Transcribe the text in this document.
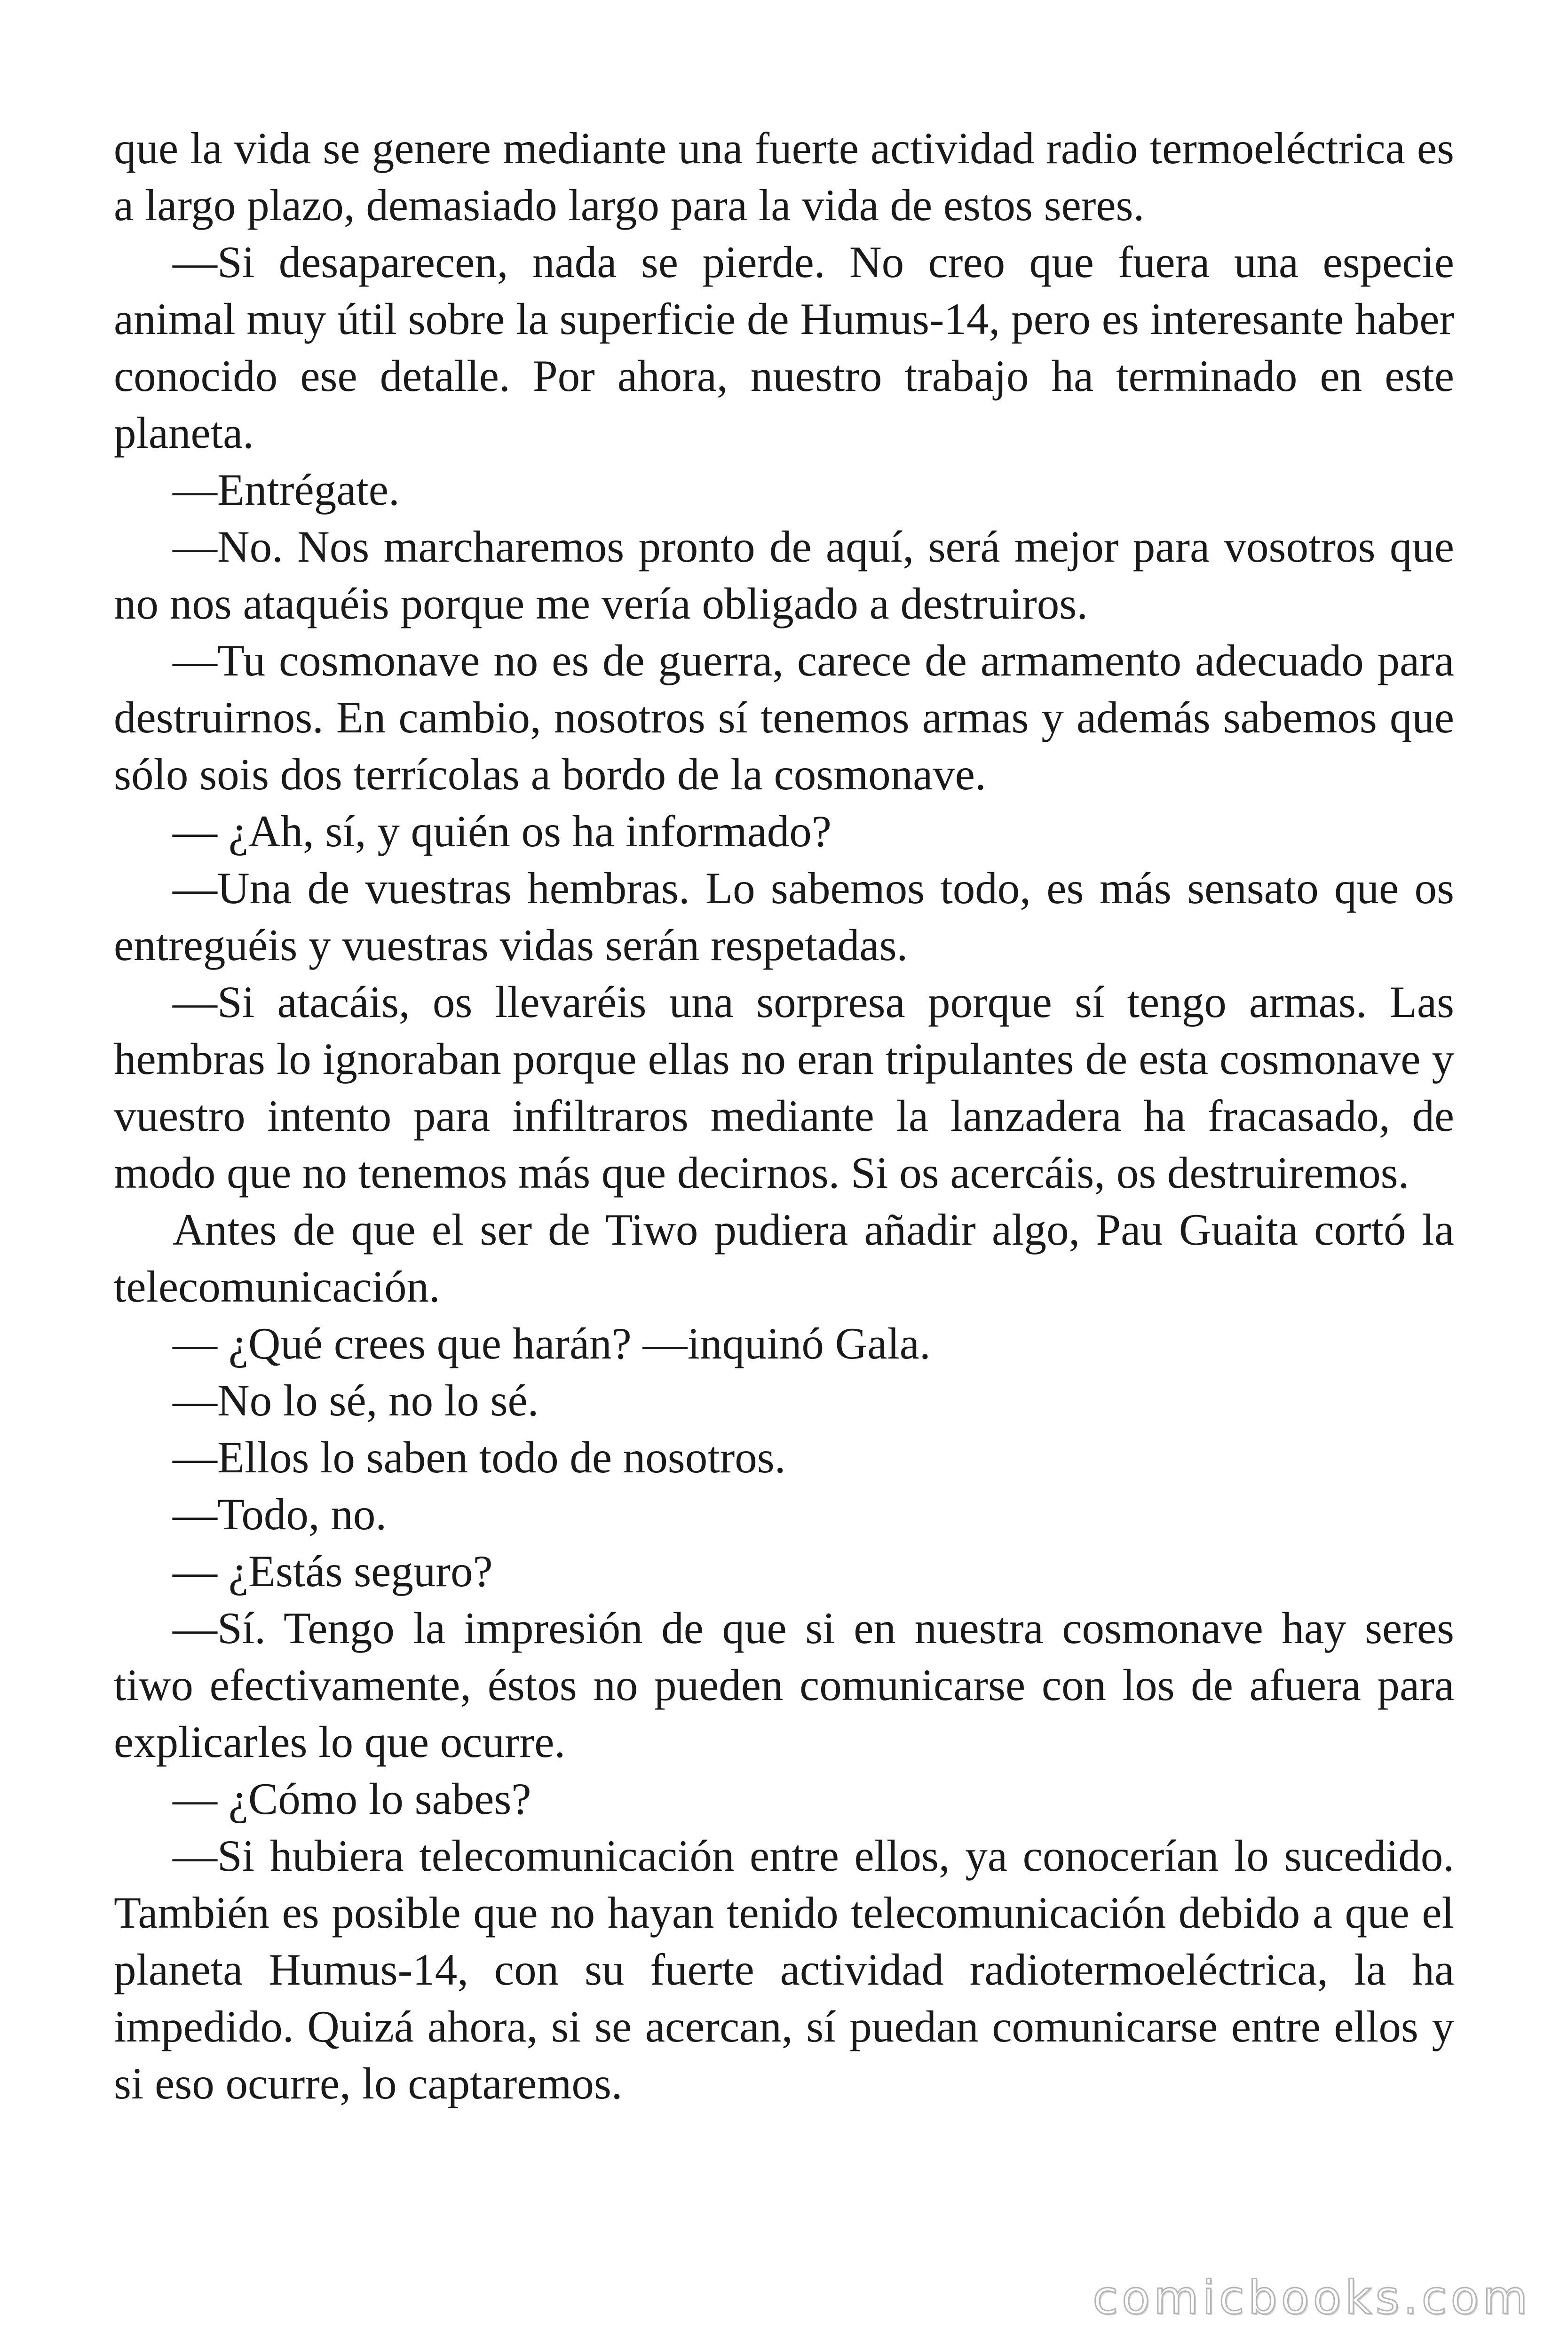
que la vida se genere mediante una fuerte actividad radio termoeléctrica es a largo plazo, demasiado largo para la vida de estos seres.

—Si desaparecen, nada se pierde. No creo que fuera una especie animal muy útil sobre la superficie de Humus-14, pero es interesante haber conocido ese detalle. Por ahora, nuestro trabajo ha terminado en este planeta.

—Entrégate.

—No. Nos marcharemos pronto de aquí, será mejor para vosotros que no nos ataquéis porque me vería obligado a destruiros.

—Tu cosmonave no es de guerra, carece de armamento adecuado para destruirnos. En cambio, nosotros sí tenemos armas y además sabemos que sólo sois dos terrícolas a bordo de la cosmonave.

— ¿Ah, sí, y quién os ha informado?

—Una de vuestras hembras. Lo sabemos todo, es más sensato que os entreguéis y vuestras vidas serán respetadas.

—Si atacáis, os llevaréis una sorpresa porque sí tengo armas. Las hembras lo ignoraban porque ellas no eran tripulantes de esta cosmonave y vuestro intento para infiltraros mediante la lanzadera ha fracasado, de modo que no tenemos más que decirnos. Si os acercáis, os destruiremos.

Antes de que el ser de Tiwo pudiera añadir algo, Pau Guaita cortó la telecomunicación.

— ¿Qué crees que harán? —inquinó Gala.

—No lo sé, no lo sé.

—Ellos lo saben todo de nosotros.

—Todo, no.

— ¿Estás seguro?

—Sí. Tengo la impresión de que si en nuestra cosmonave hay seres tiwo efectivamente, éstos no pueden comunicarse con los de afuera para explicarles lo que ocurre.

— ¿Cómo lo sabes?

—Si hubiera telecomunicación entre ellos, ya conocerían lo sucedido. También es posible que no hayan tenido telecomunicación debido a que el planeta Humus-14, con su fuerte actividad radiotermoeléctrica, la ha impedido. Quizá ahora, si se acercan, sí puedan comunicarse entre ellos y si eso ocurre, lo captaremos.

comicbooks.com
